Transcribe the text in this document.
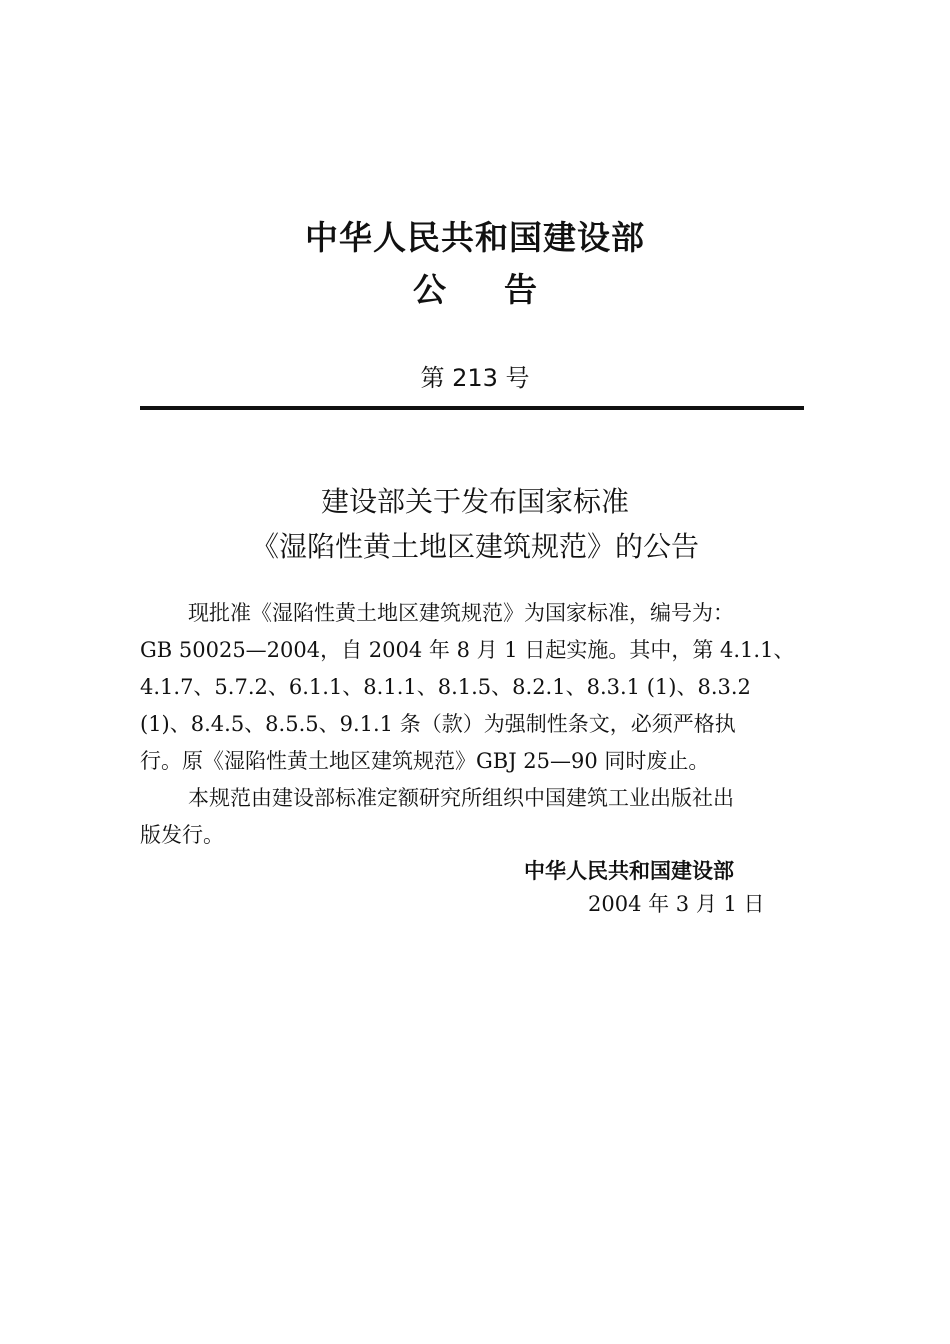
中华人民共和国建设部
公 告
第 213 号
建设部关于发布国家标准
《湿陷性黄土地区建筑规范》的公告
现批准《湿陷性黄土地区建筑规范》为国家标准，编号为：
GB 50025—2004，自 2004 年 8 月 1 日起实施。其中，第 4.1.1、
4.1.7、5.7.2、6.1.1、8.1.1、8.1.5、8.2.1、8.3.1 (1)、8.3.2
(1)、8.4.5、8.5.5、9.1.1 条（款）为强制性条文，必须严格执
行。原《湿陷性黄土地区建筑规范》GBJ 25—90 同时废止。
本规范由建设部标准定额研究所组织中国建筑工业出版社出
版发行。
中华人民共和国建设部
2004 年 3 月 1 日
